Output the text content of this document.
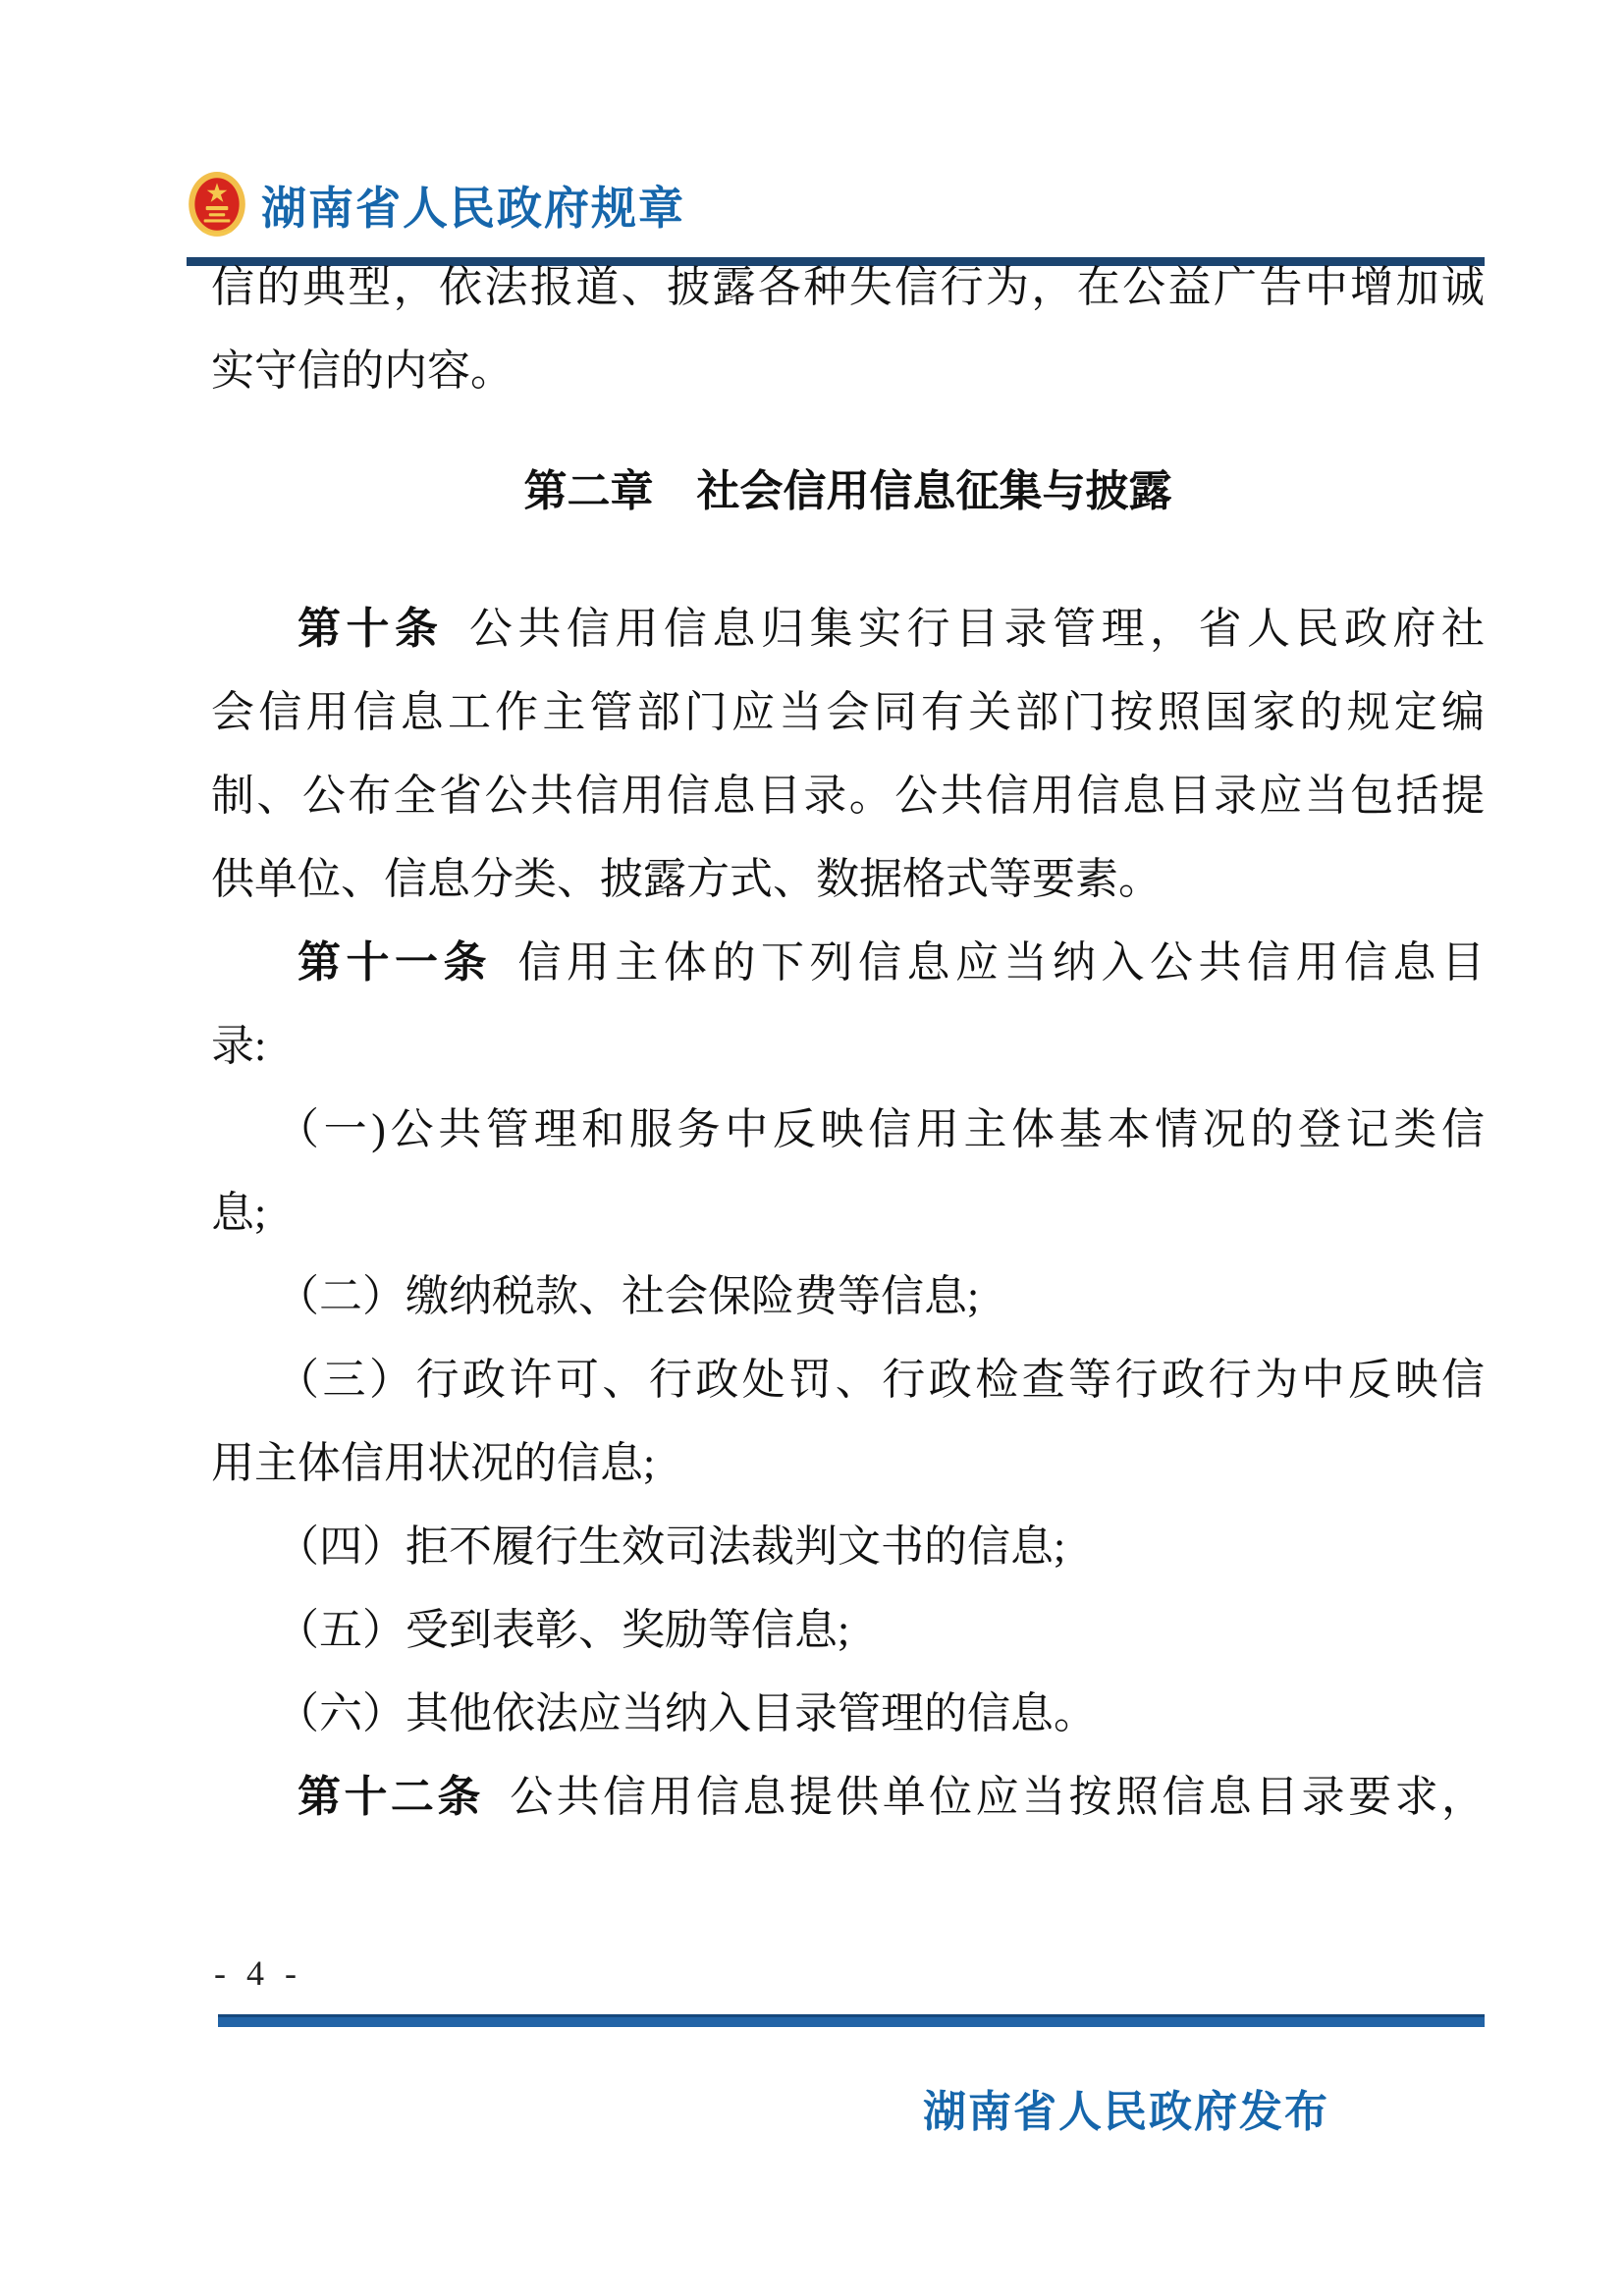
湖南省人民政府规章
信的典型，依法报道、披露各种失信行为，在公益广告中增加诚
实守信的内容。
第二章　社会信用信息征集与披露
第十条 公共信用信息归集实行目录管理，省人民政府社
会信用信息工作主管部门应当会同有关部门按照国家的规定编
制、公布全省公共信用信息目录。公共信用信息目录应当包括提
供单位、信息分类、披露方式、数据格式等要素。
第十一条 信用主体的下列信息应当纳入公共信用信息目
录:
（一)公共管理和服务中反映信用主体基本情况的登记类信
息;
（二）缴纳税款、社会保险费等信息;
（三）行政许可、行政处罚、行政检查等行政行为中反映信
用主体信用状况的信息;
（四）拒不履行生效司法裁判文书的信息;
（五）受到表彰、奖励等信息;
（六）其他依法应当纳入目录管理的信息。
第十二条 公共信用信息提供单位应当按照信息目录要求，
- 4 -
湖南省人民政府发布
